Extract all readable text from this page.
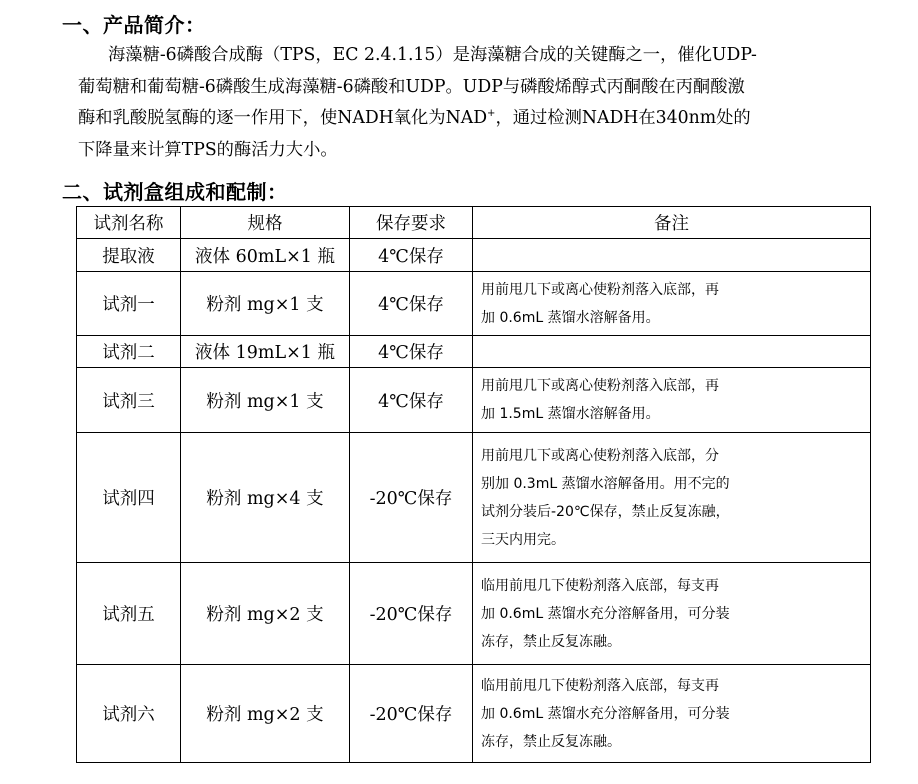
一、产品简介：
海藻糖-6磷酸合成酶（TPS，EC 2.4.1.15）是海藻糖合成的关键酶之一，催化UDP-
葡萄糖和葡萄糖-6磷酸生成海藻糖-6磷酸和UDP。UDP与磷酸烯醇式丙酮酸在丙酮酸激
酶和乳酸脱氢酶的逐一作用下，使NADH氧化为NAD+，通过检测NADH在340nm处的
下降量来计算TPS的酶活力大小。
二、试剂盒组成和配制：
试剂名称	规格	保存要求	备注
提取液	液体 60mL×1 瓶	4℃保存	
试剂一	粉剂 mg×1 支	4℃保存	用前甩几下或离心使粉剂落入底部，再
加 0.6mL 蒸馏水溶解备用。

试剂二	液体 19mL×1 瓶	4℃保存	
试剂三	粉剂 mg×1 支	4℃保存	用前甩几下或离心使粉剂落入底部，再
加 1.5mL 蒸馏水溶解备用。

试剂四	粉剂 mg×4 支	-20℃保存	用前甩几下或离心使粉剂落入底部，分
别加 0.3mL 蒸馏水溶解备用。用不完的
试剂分装后-20℃保存，禁止反复冻融，
三天内用完。

试剂五	粉剂 mg×2 支	-20℃保存	临用前甩几下使粉剂落入底部，每支再
加 0.6mL 蒸馏水充分溶解备用，可分装
冻存，禁止反复冻融。

试剂六	粉剂 mg×2 支	-20℃保存	临用前甩几下使粉剂落入底部，每支再
加 0.6mL 蒸馏水充分溶解备用，可分装
冻存，禁止反复冻融。
